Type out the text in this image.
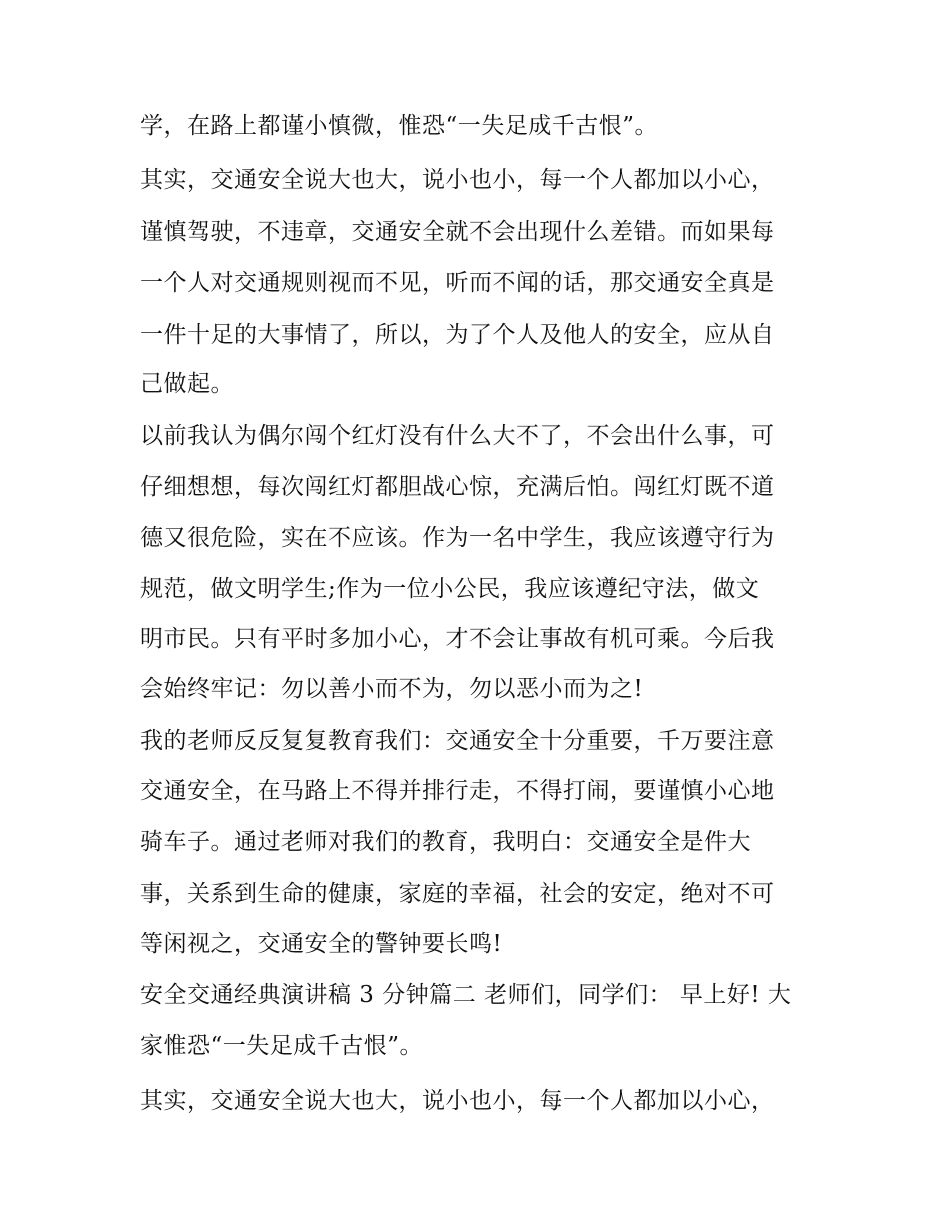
学，在路上都谨小慎微，惟恐“一失足成千古恨”。
其实，交通安全说大也大，说小也小，每一个人都加以小心，
谨慎驾驶，不违章，交通安全就不会出现什么差错。而如果每
一个人对交通规则视而不见，听而不闻的话，那交通安全真是
一件十足的大事情了，所以，为了个人及他人的安全，应从自
己做起。
以前我认为偶尔闯个红灯没有什么大不了，不会出什么事，可
仔细想想，每次闯红灯都胆战心惊，充满后怕。闯红灯既不道
德又很危险，实在不应该。作为一名中学生，我应该遵守行为
规范，做文明学生;作为一位小公民，我应该遵纪守法，做文
明市民。只有平时多加小心，才不会让事故有机可乘。今后我
会始终牢记：勿以善小而不为，勿以恶小而为之!
我的老师反反复复教育我们：交通安全十分重要，千万要注意
交通安全，在马路上不得并排行走，不得打闹，要谨慎小心地
骑车子。通过老师对我们的教育，我明白：交通安全是件大
事，关系到生命的健康，家庭的幸福，社会的安定，绝对不可
等闲视之，交通安全的警钟要长鸣!
安全交通经典演讲稿 3 分钟篇二 老师们，同学们： 早上好! 大
家惟恐“一失足成千古恨”。
其实，交通安全说大也大，说小也小，每一个人都加以小心，
